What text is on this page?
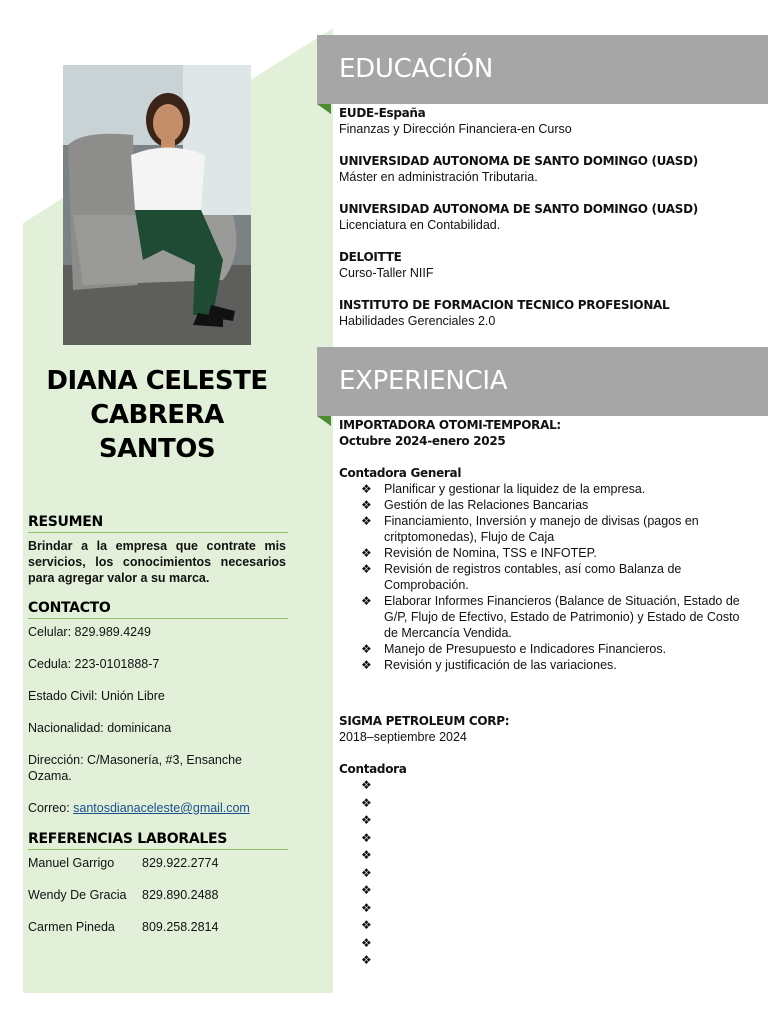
DIANA CELESTE
CABRERA
SANTOS
RESUMEN
Brindar a la empresa que contrate mis servicios, los conocimientos necesarios para agregar valor a su marca.
CONTACTO
Celular: 829.989.4249
Cedula: 223-0101888-7
Estado Civil: Unión Libre
Nacionalidad: dominicana
Dirección: C/Masonería, #3, Ensanche Ozama.
Correo: santosdianaceleste@gmail.com
REFERENCIAS LABORALES
Manuel Garrigo	829.922.2774
Wendy De Gracia	829.890.2488
Carmen Pineda	809.258.2814
EDUCACIÓN
EUDE-España
Finanzas y Dirección Financiera-en Curso
UNIVERSIDAD AUTONOMA DE SANTO DOMINGO (UASD)
Máster en administración Tributaria.
UNIVERSIDAD AUTONOMA DE SANTO DOMINGO (UASD)
Licenciatura en Contabilidad.
DELOITTE
Curso-Taller NIIF
INSTITUTO DE FORMACION TECNICO PROFESIONAL
Habilidades Gerenciales 2.0
EXPERIENCIA
IMPORTADORA OTOMI-TEMPORAL:
Octubre 2024-enero 2025
Contadora General
❖ Planificar y gestionar la liquidez de la empresa.
❖ Gestión de las Relaciones Bancarias
❖ Financiamiento, Inversión y manejo de divisas (pagos en critptomonedas), Flujo de Caja
❖ Revisión de Nomina, TSS e INFOTEP.
❖ Revisión de registros contables, así como Balanza de Comprobación.
❖ Elaborar Informes Financieros (Balance de Situación, Estado de G/P, Flujo de Efectivo, Estado de Patrimonio) y Estado de Costo de Mercancía Vendida.
❖ Manejo de Presupuesto e Indicadores Financieros.
❖ Revisión y justificación de las variaciones.
SIGMA PETROLEUM CORP:
2018–septiembre 2024
Contadora
❖
❖
❖
❖
❖
❖
❖
❖
❖
❖
❖
